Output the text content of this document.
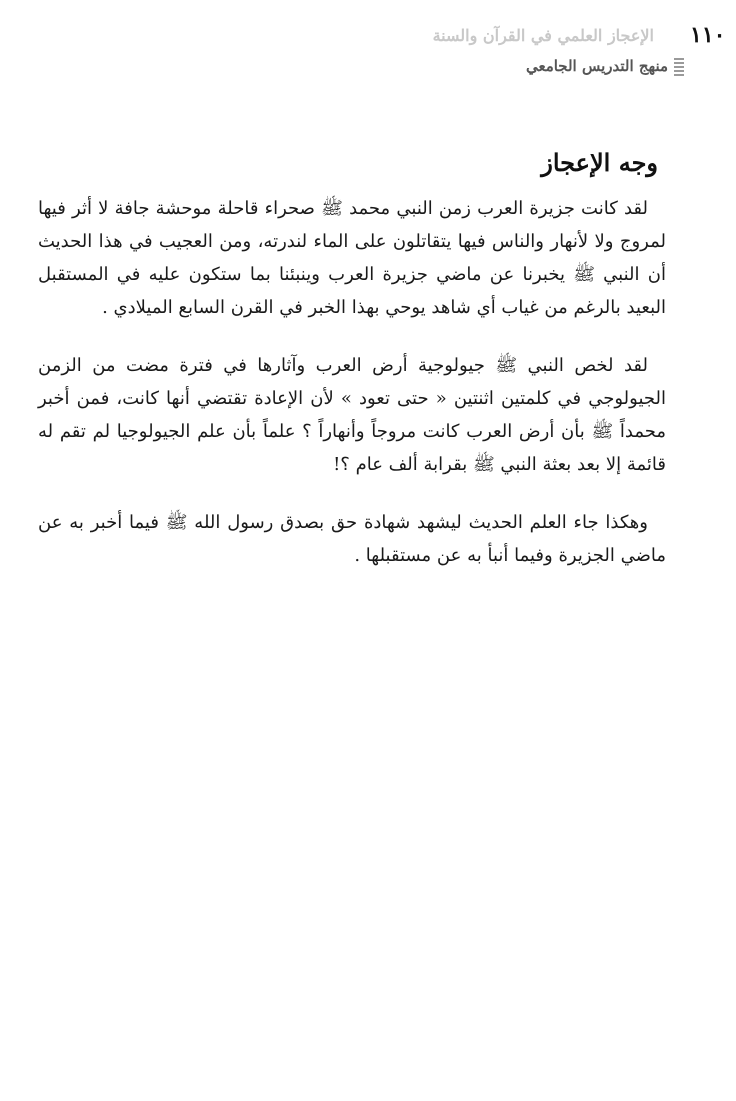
١١٠
الإعجاز العلمي في القرآن والسنة
منهج التدريس الجامعي
وجه الإعجاز

لقد كانت جزيرة العرب زمن النبي محمد ﷺ صحراء قاحلة موحشة جافة لا أثر فيها لمروج ولا لأنهار والناس فيها يتقاتلون على الماء لندرته، ومن العجيب في هذا الحديث أن النبي ﷺ يخبرنا عن ماضي جزيرة العرب وينبئنا بما ستكون عليه في المستقبل البعيد بالرغم من غياب أي شاهد يوحي بهذا الخبر في القرن السابع الميلادي .

لقد لخص النبي ﷺ جيولوجية أرض العرب وآثارها في فترة مضت من الزمن الجيولوجي في كلمتين اثنتين « حتى تعود » لأن الإعادة تقتضي أنها كانت، فمن أخبر محمداً ﷺ بأن أرض العرب كانت مروجاً وأنهاراً ؟ علماً بأن علم الجيولوجيا لم تقم له قائمة إلا بعد بعثة النبي ﷺ بقرابة ألف عام ؟!

وهكذا جاء العلم الحديث ليشهد شهادة حق بصدق رسول الله ﷺ فيما أخبر به عن ماضي الجزيرة وفيما أنبأ به عن مستقبلها .
